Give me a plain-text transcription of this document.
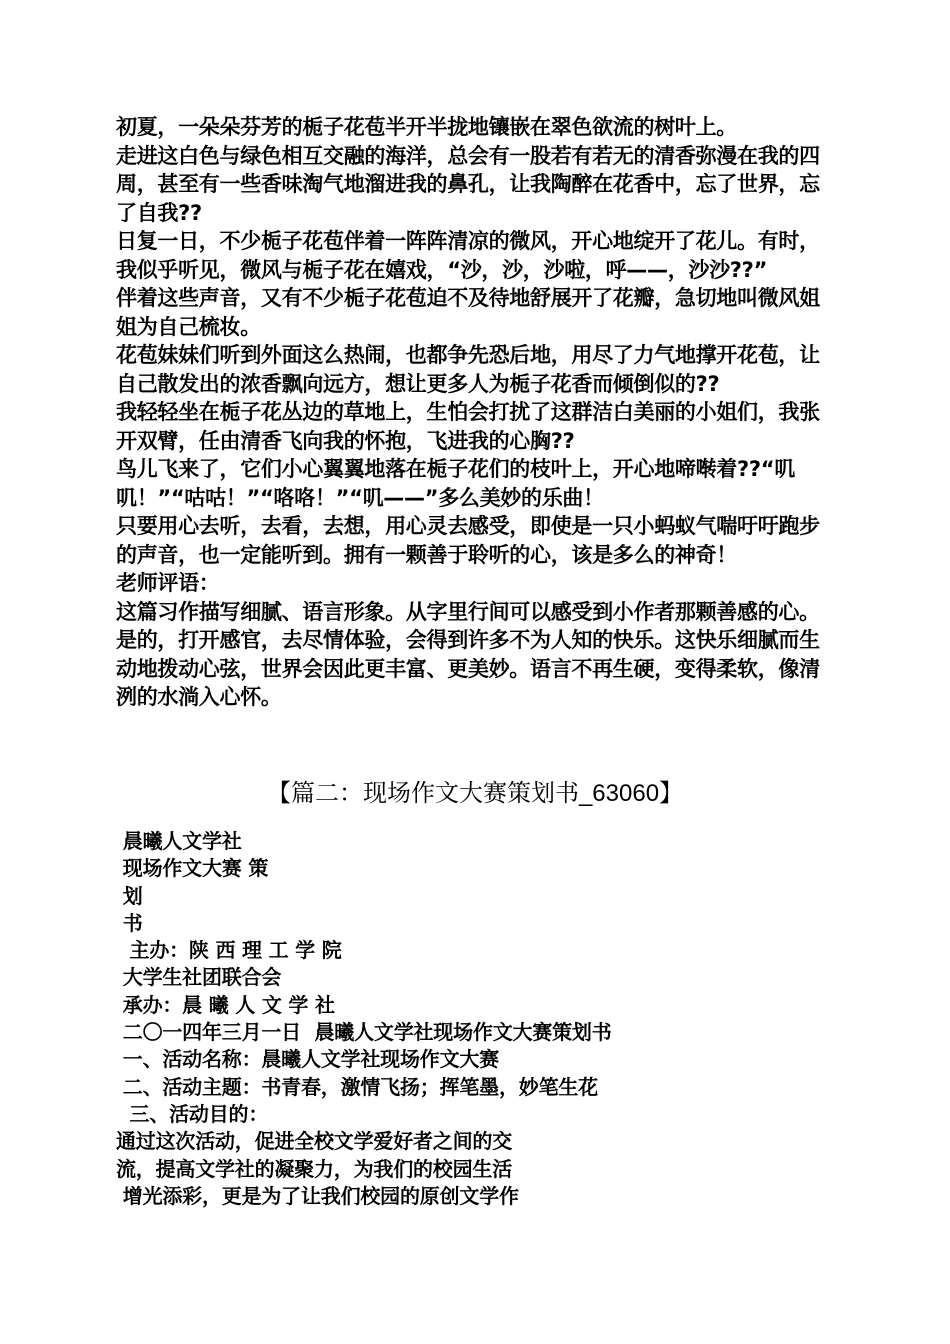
初夏，一朵朵芬芳的栀子花苞半开半拢地镶嵌在翠色欲流的树叶上。

走进这白色与绿色相互交融的海洋，总会有一股若有若无的清香弥漫在我的四周，甚至有一些香味淘气地溜进我的鼻孔，让我陶醉在花香中，忘了世界，忘了自我??

日复一日，不少栀子花苞伴着一阵阵清凉的微风，开心地绽开了花儿。有时，我似乎听见，微风与栀子花在嬉戏，“沙，沙，沙啦，呼——，沙沙??”

伴着这些声音，又有不少栀子花苞迫不及待地舒展开了花瓣，急切地叫微风姐姐为自己梳妆。

花苞妹妹们听到外面这么热闹，也都争先恐后地，用尽了力气地撑开花苞，让自己散发出的浓香飘向远方，想让更多人为栀子花香而倾倒似的??

我轻轻坐在栀子花丛边的草地上，生怕会打扰了这群洁白美丽的小姐们，我张开双臂，任由清香飞向我的怀抱，飞进我的心胸??

鸟儿飞来了，它们小心翼翼地落在栀子花们的枝叶上，开心地啼啭着??“叽叽！”“咕咕！”“咯咯！”“叽——”多么美妙的乐曲！

只要用心去听，去看，去想，用心灵去感受，即使是一只小蚂蚁气喘吁吁跑步的声音，也一定能听到。拥有一颗善于聆听的心，该是多么的神奇！

老师评语：

这篇习作描写细腻、语言形象。从字里行间可以感受到小作者那颗善感的心。是的，打开感官，去尽情体验，会得到许多不为人知的快乐。这快乐细腻而生动地拨动心弦，世界会因此更丰富、更美妙。语言不再生硬，变得柔软，像清洌的水淌入心怀。

【篇二：现场作文大赛策划书_63060】

晨曦人文学社

现场作文大赛 策

划

书

主办：陕 西 理 工 学 院

大学生社团联合会

承办：晨 曦 人 文 学 社

二〇一四年三月一日  晨曦人文学社现场作文大赛策划书

一、活动名称：晨曦人文学社现场作文大赛

二、活动主题：书青春，激情飞扬；挥笔墨，妙笔生花

三、活动目的：

通过这次活动，促进全校文学爱好者之间的交

流，提高文学社的凝聚力，为我们的校园生活

增光添彩，更是为了让我们校园的原创文学作
